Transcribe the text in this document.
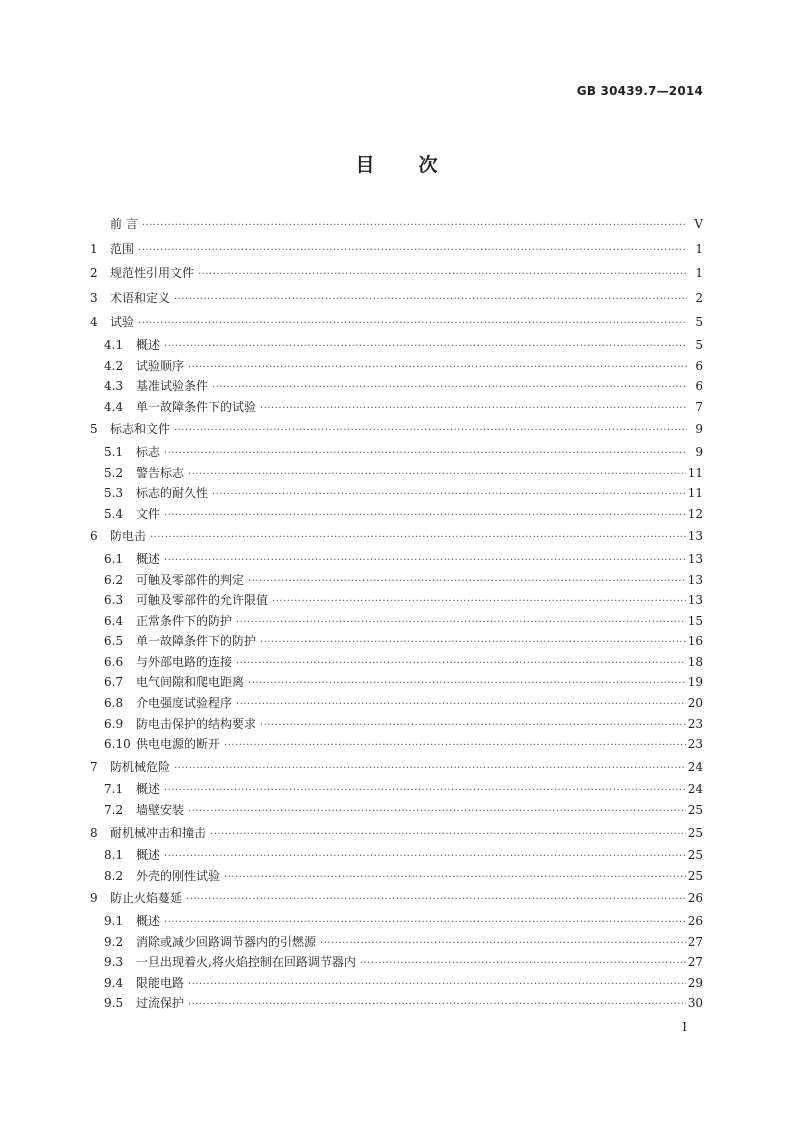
GB 30439.7—2014
目 次
前 言 ·····	V
1	范围 ·····	1
2	规范性引用文件 ·····	1
3	术语和定义 ·····	2
4	试验 ·····	5
4.1	概述 ·····	5
4.2	试验顺序 ·····	6
4.3	基准试验条件 ·····	6
4.4	单一故障条件下的试验 ·····	7
5	标志和文件 ·····	9
5.1	标志 ·····	9
5.2	警告标志 ·····	11
5.3	标志的耐久性 ·····	11
5.4	文件 ·····	12
6	防电击 ·····	13
6.1	概述 ·····	13
6.2	可触及零部件的判定 ·····	13
6.3	可触及零部件的允许限值 ·····	13
6.4	正常条件下的防护 ·····	15
6.5	单一故障条件下的防护 ·····	16
6.6	与外部电路的连接 ·····	18
6.7	电气间隙和爬电距离 ·····	19
6.8	介电强度试验程序 ·····	20
6.9	防电击保护的结构要求 ·····	23
6.10 供电电源的断开 ·····	23
7	防机械危险 ·····	24
7.1	概述 ·····	24
7.2	墙壁安装 ·····	25
8	耐机械冲击和撞击 ·····	25
8.1	概述 ·····	25
8.2	外壳的刚性试验 ·····	25
9	防止火焰蔓延 ·····	26
9.1	概述 ·····	26
9.2	消除或减少回路调节器内的引燃源 ·····	27
9.3	一旦出现着火,将火焰控制在回路调节器内 ·····	27
9.4	限能电路 ·····	29
9.5	过流保护 ·····	30
I
